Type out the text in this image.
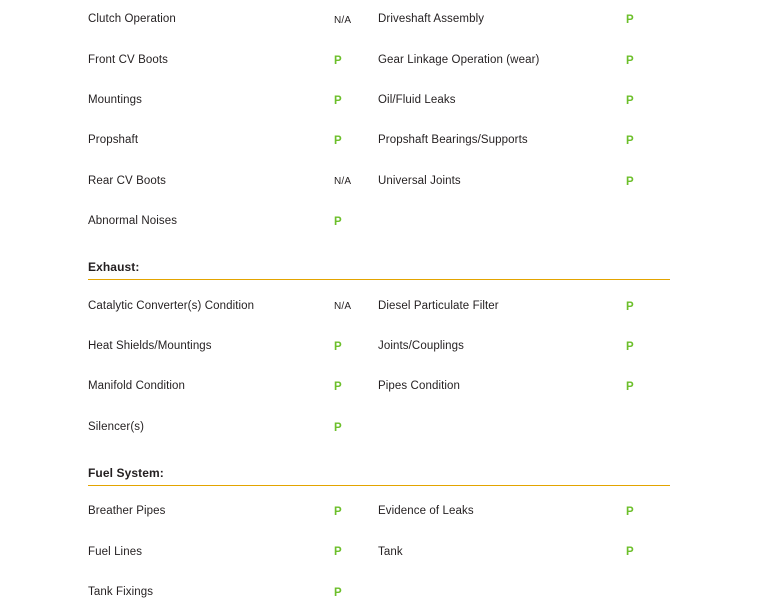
Clutch Operation	N/A	Driveshaft Assembly	P
Front CV Boots	P	Gear Linkage Operation (wear)	P
Mountings	P	Oil/Fluid Leaks	P
Propshaft	P	Propshaft Bearings/Supports	P
Rear CV Boots	N/A	Universal Joints	P
Abnormal Noises	P
Exhaust:
Catalytic Converter(s) Condition	N/A	Diesel Particulate Filter	P
Heat Shields/Mountings	P	Joints/Couplings	P
Manifold Condition	P	Pipes Condition	P
Silencer(s)	P
Fuel System:
Breather Pipes	P	Evidence of Leaks	P
Fuel Lines	P	Tank	P
Tank Fixings	P
